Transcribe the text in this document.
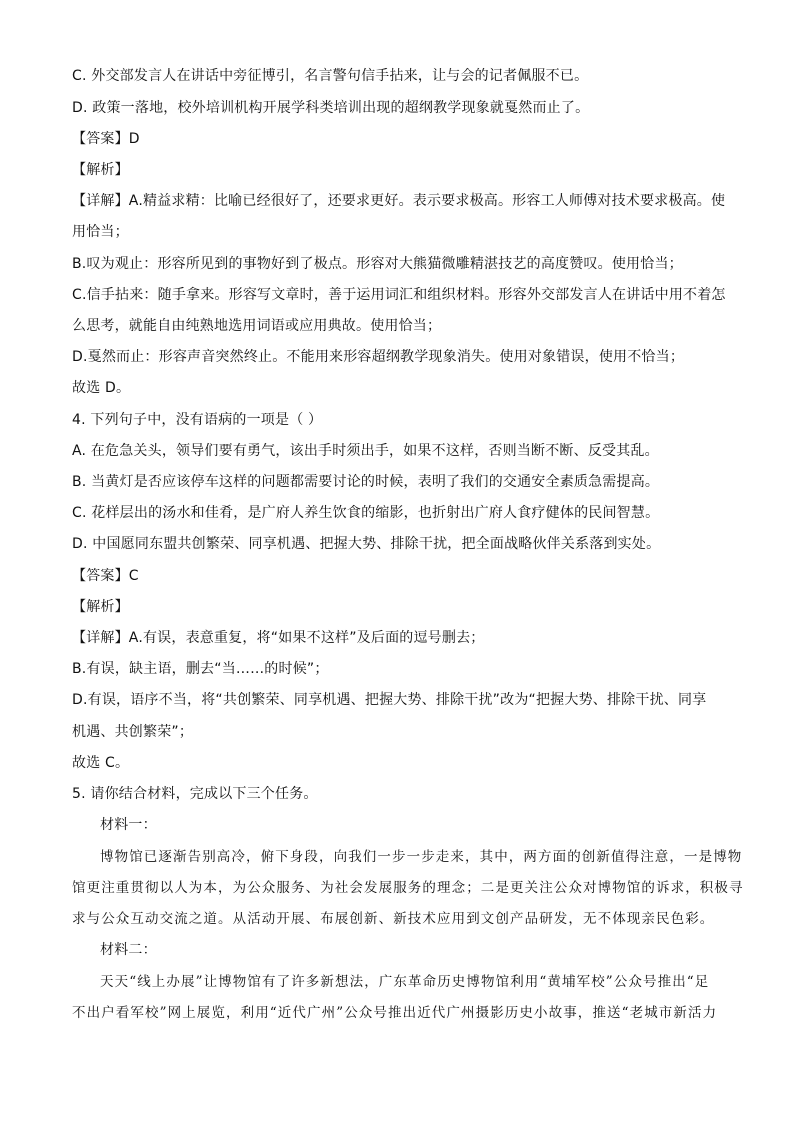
C. 外交部发言人在讲话中旁征博引，名言警句信手拈来，让与会的记者佩服不已。
D. 政策一落地，校外培训机构开展学科类培训出现的超纲教学现象就戛然而止了。
【答案】D
【解析】
【详解】A.精益求精：比喻已经很好了，还要求更好。表示要求极高。形容工人师傅对技术要求极高。使
用恰当；
B.叹为观止：形容所见到的事物好到了极点。形容对大熊猫微雕精湛技艺的高度赞叹。使用恰当；
C.信手拈来：随手拿来。形容写文章时，善于运用词汇和组织材料。形容外交部发言人在讲话中用不着怎
么思考，就能自由纯熟地选用词语或应用典故。使用恰当；
D.戛然而止：形容声音突然终止。不能用来形容超纲教学现象消失。使用对象错误，使用不恰当；
故选 D。
4. 下列句子中，没有语病的一项是（ ）
A. 在危急关头，领导们要有勇气，该出手时须出手，如果不这样，否则当断不断、反受其乱。
B. 当黄灯是否应该停车这样的问题都需要讨论的时候，表明了我们的交通安全素质急需提高。
C. 花样层出的汤水和佳肴，是广府人养生饮食的缩影，也折射出广府人食疗健体的民间智慧。
D. 中国愿同东盟共创繁荣、同享机遇、把握大势、排除干扰，把全面战略伙伴关系落到实处。
【答案】C
【解析】
【详解】A.有误，表意重复，将“如果不这样”及后面的逗号删去；
B.有误，缺主语，删去“当……的时候”；
D.有误，语序不当，将“共创繁荣、同享机遇、把握大势、排除干扰”改为“把握大势、排除干扰、同享
机遇、共创繁荣”；
故选 C。
5. 请你结合材料，完成以下三个任务。
材料一：
博物馆已逐渐告别高冷，俯下身段，向我们一步一步走来，其中，两方面的创新值得注意，一是博物
馆更注重贯彻以人为本，为公众服务、为社会发展服务的理念；二是更关注公众对博物馆的诉求，积极寻
求与公众互动交流之道。从活动开展、布展创新、新技术应用到文创产品研发，无不体现亲民色彩。
材料二：
天天“线上办展”让博物馆有了许多新想法，广东革命历史博物馆利用“黄埔军校”公众号推出“足
不出户看军校”网上展览，利用“近代广州”公众号推出近代广州摄影历史小故事，推送“老城市新活力
